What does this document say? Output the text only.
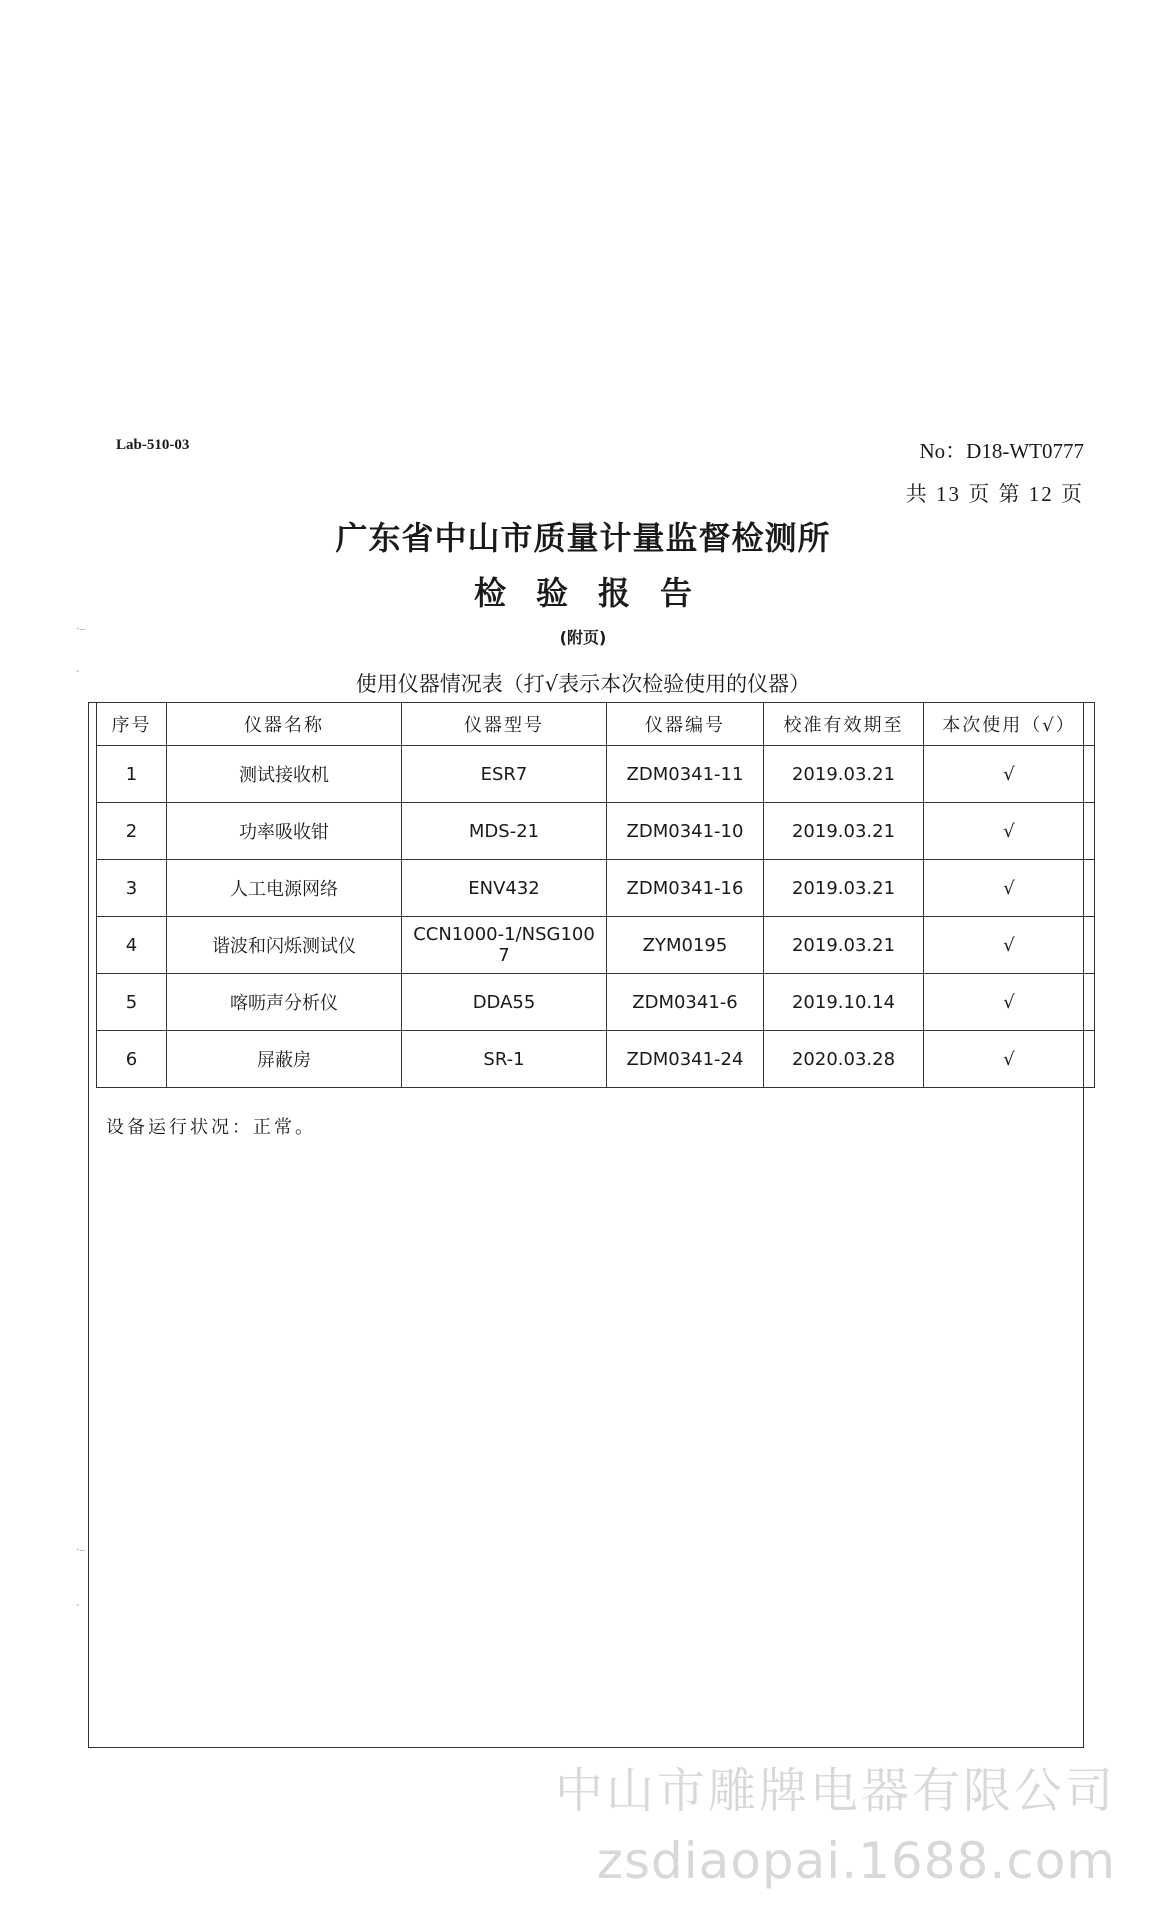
Lab-510-03	No：D18-WT0777
共 13 页 第 12 页
广东省中山市质量计量监督检测所
检验报告
(附页)
使用仪器情况表（打√表示本次检验使用的仪器）
序号	仪器名称	仪器型号	仪器编号	校准有效期至	本次使用（√）
1	测试接收机	ESR7	ZDM0341-11	2019.03.21	√
2	功率吸收钳	MDS-21	ZDM0341-10	2019.03.21	√
3	人工电源网络	ENV432	ZDM0341-16	2019.03.21	√
4	谐波和闪烁测试仪	CCN1000-1/NSG1007	ZYM0195	2019.03.21	√
5	喀呖声分析仪	DDA55	ZDM0341-6	2019.10.14	√
6	屏蔽房	SR-1	ZDM0341-24	2020.03.28	√
设备运行状况：正常。
中山市雕牌电器有限公司
zsdiaopai.1688.com
·‒
-
·‒
-
